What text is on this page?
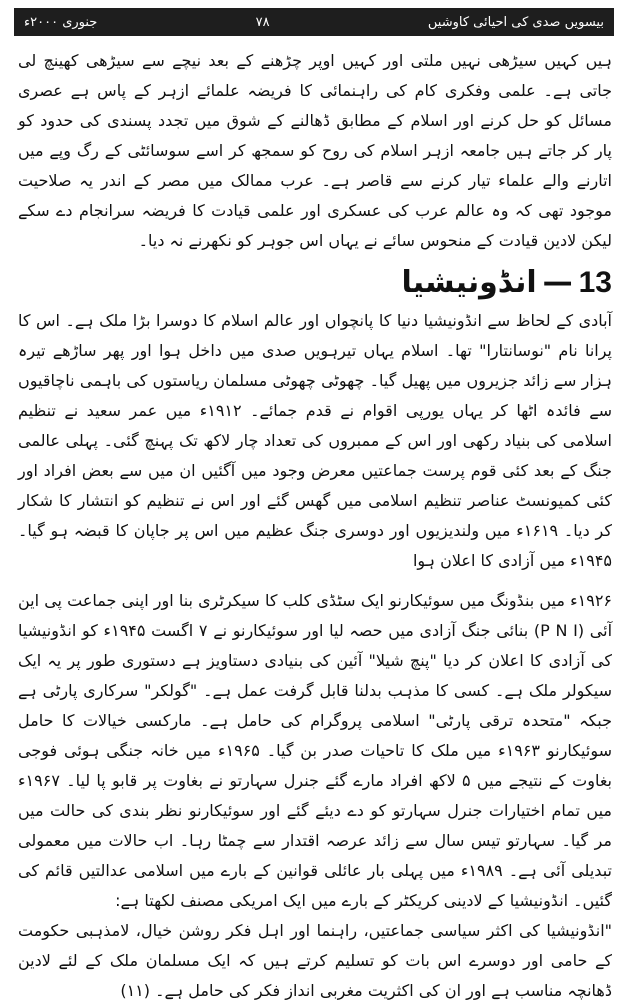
جنوری ۲۰۰۰ء	۷۸	بیسویں صدی کی احیائی کاوشیں

ہیں کہیں سیڑھی نہیں ملتی اور کہیں اوپر چڑھنے کے بعد نیچے سے سیڑھی کھینچ لی جاتی ہے۔ علمی وفکری کام کی راہنمائی کا فریضہ علمائے ازہر کے پاس ہے عصری مسائل کو حل کرنے اور اسلام کے مطابق ڈھالنے کے شوق میں تجدد پسندی کی حدود کو پار کر جاتے ہیں جامعہ ازہر اسلام کی روح کو سمجھ کر اسے سوسائٹی کے رگ وپے میں اتارنے والے علماء تیار کرنے سے قاصر ہے۔ عرب ممالک میں مصر کے اندر یہ صلاحیت موجود تھی کہ وہ عالم عرب کی عسکری اور علمی قیادت کا فریضہ سرانجام دے سکے لیکن لادین قیادت کے منحوس سائے نے یہاں اس جوہر کو نکھرنے نہ دیا۔

13
—
انڈونیشیا

آبادی کے لحاظ سے انڈونیشیا دنیا کا پانچواں اور عالم اسلام کا دوسرا بڑا ملک ہے۔ اس کا پرانا نام "نوسانتارا" تھا۔ اسلام یہاں تیرہویں صدی میں داخل ہوا اور پھر ساڑھے تیرہ ہزار سے زائد جزیروں میں پھیل گیا۔ چھوٹی چھوٹی مسلمان ریاستوں کی باہمی ناچاقیوں سے فائدہ اٹھا کر یہاں یورپی اقوام نے قدم جمائے۔ ۱۹۱۲ء میں عمر سعید نے تنظیم اسلامی کی بنیاد رکھی اور اس کے ممبروں کی تعداد چار لاکھ تک پہنچ گئی۔ پہلی عالمی جنگ کے بعد کئی قوم پرست جماعتیں معرض وجود میں آگئیں ان میں سے بعض افراد اور کئی کمیونسٹ عناصر تنظیم اسلامی میں گھس گئے اور اس نے تنظیم کو انتشار کا شکار کر دیا۔ ۱۶۱۹ء میں ولندیزیوں اور دوسری جنگ عظیم میں اس پر جاپان کا قبضہ ہو گیا۔ ۱۹۴۵ء میں آزادی کا اعلان ہوا

۱۹۲۶ء میں بنڈونگ میں سوئیکارنو ایک سٹڈی کلب کا سیکرٹری بنا اور اپنی جماعت پی این آئی (P N I) بنائی جنگ آزادی میں حصہ لیا اور سوئیکارنو نے ۷ اگست ۱۹۴۵ء کو انڈونیشیا کی آزادی کا اعلان کر دیا "پنچ شیلا" آئین کی بنیادی دستاویز ہے دستوری طور پر یہ ایک سیکولر ملک ہے۔ کسی کا مذہب بدلنا قابل گرفت عمل ہے۔ "گولکر" سرکاری پارٹی ہے جبکہ "متحدہ ترقی پارٹی" اسلامی پروگرام کی حامل ہے۔ مارکسی خیالات کا حامل سوئیکارنو ۱۹۶۳ء میں ملک کا تاحیات صدر بن گیا۔ ۱۹۶۵ء میں خانہ جنگی ہوئی فوجی بغاوت کے نتیجے میں ۵ لاکھ افراد مارے گئے جنرل سہارتو نے بغاوت پر قابو پا لیا۔ ۱۹۶۷ء میں تمام اختیارات جنرل سہارتو کو دے دیئے گئے اور سوئیکارنو نظر بندی کی حالت میں مر گیا۔ سہارتو تیس سال سے زائد عرصہ اقتدار سے چمٹا رہا۔ اب حالات میں معمولی تبدیلی آئی ہے۔ ۱۹۸۹ء میں پہلی بار عائلی قوانین کے بارے میں اسلامی عدالتیں قائم کی گئیں۔ انڈونیشیا کے لادینی کریکٹر کے بارے میں ایک امریکی مصنف لکھتا ہے:

"انڈونیشیا کی اکثر سیاسی جماعتیں، راہنما اور اہل فکر روشن خیال، لامذہبی حکومت کے حامی اور دوسرے اس بات کو تسلیم کرتے ہیں کہ ایک مسلمان ملک کے لئے لادین ڈھانچہ مناسب ہے اور ان کی اکثریت مغربی انداز فکر کی حامل ہے۔ (۱۱)
